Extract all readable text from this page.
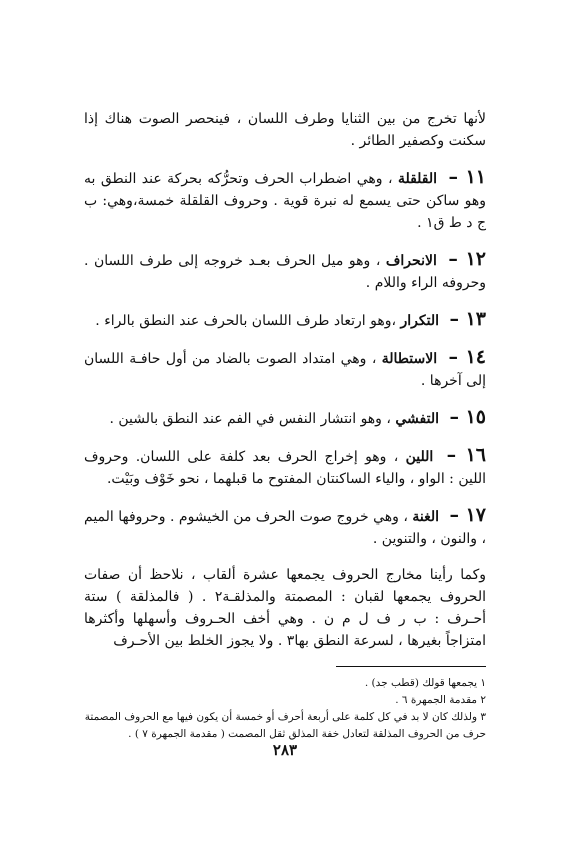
لأنها تخرج من بين الثنايا وطرف اللسان ، فينحصر الصوت هناك إذا سكنت وكصفير الطائر .

١١ – القلقلة ، وهي اضطراب الحرف وتحرُّكه بحركة عند النطق به وهو ساكن حتى يسمع له نبرة قوية . وحروف القلقلة خمسة،وهي: ب ج د ط ق١ .

١٢ – الانحراف ، وهو ميل الحرف بعـد خروجه إلى طرف اللسان . وحروفه الراء واللام .

١٣ – التكرار ،وهو ارتعاد طرف اللسان بالحرف عند النطق بالراء .

١٤ – الاستطالة ، وهي امتداد الصوت بالضاد من أول حافـة اللسان إلى آخرها .

١٥ – التفشي ، وهو انتشار النفس في الفم عند النطق بالشين .

١٦ – اللين ، وهو إخراج الحرف بعد كلفة على اللسان. وحروف اللين : الواو ، والياء الساكنتان المفتوح ما قبلهما ، نحو خَوْف وبَيْت.

١٧ – الغنة ، وهي خروج صوت الحرف من الخيشوم . وحروفها الميم ، والنون ، والتنوين .

وكما رأينا مخارج الحروف يجمعها عشرة ألقاب ، نلاحظ أن صفات الحروف يجمعها لقبان : المصمتة والمذلقـة٢ . ( فالمذلقة ) ستة أحـرف : ب ر ف ل م ن . وهي أخف الحـروف وأسهلها وأكثرها امتزاجاً بغيرها ، لسرعة النطق بها٣ . ولا يجوز الخلط بين الأحـرف

١ يجمعها قولك (قطب جد) .

٢ مقدمة الجمهرة ٦ .

٣ ولذلك كان لا بد في كل كلمة على أربعة أحرف أو خمسة أن يكون فيها مع الحروف المصمتة حرف من الحروف المذلقة لتعادل خفة المذلق ثقل المصمت ( مقدمة الجمهرة ٧ ) .

٢٨٣
